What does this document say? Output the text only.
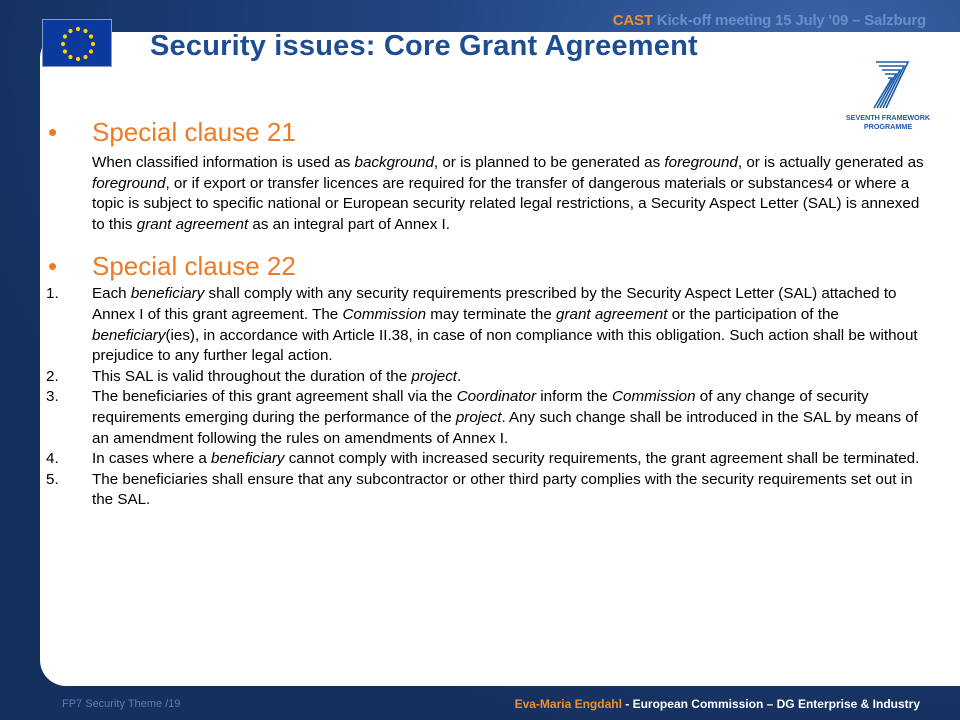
CAST Kick-off meeting 15 July '09 – Salzburg
Security issues: Core Grant Agreement
SEVENTH FRAMEWORK
PROGRAMME
• Special clause 21

When classified information is used as background, or is planned to be generated as foreground, or is actually generated as foreground, or if export or transfer licences are required for the transfer of dangerous materials or substances4 or where a topic is subject to specific national or European security related legal restrictions, a Security Aspect Letter (SAL) is annexed to this grant agreement as an integral part of Annex I.

• Special clause 22
1. Each beneficiary shall comply with any security requirements prescribed by the Security Aspect Letter (SAL) attached to Annex I of this grant agreement. The Commission may terminate the grant agreement or the participation of the beneficiary(ies), in accordance with Article II.38, in case of non compliance with this obligation. Such action shall be without prejudice to any further legal action.
2. This SAL is valid throughout the duration of the project.
3. The beneficiaries of this grant agreement shall via the Coordinator inform the Commission of any change of security requirements emerging during the performance of the project. Any such change shall be introduced in the SAL by means of an amendment following the rules on amendments of Annex I.
4. In cases where a beneficiary cannot comply with increased security requirements, the grant agreement shall be terminated.
5. The beneficiaries shall ensure that any subcontractor or other third party complies with the security requirements set out in the SAL.
FP7 Security Theme /19	Eva-Maria Engdahl - European Commission – DG Enterprise & Industry
